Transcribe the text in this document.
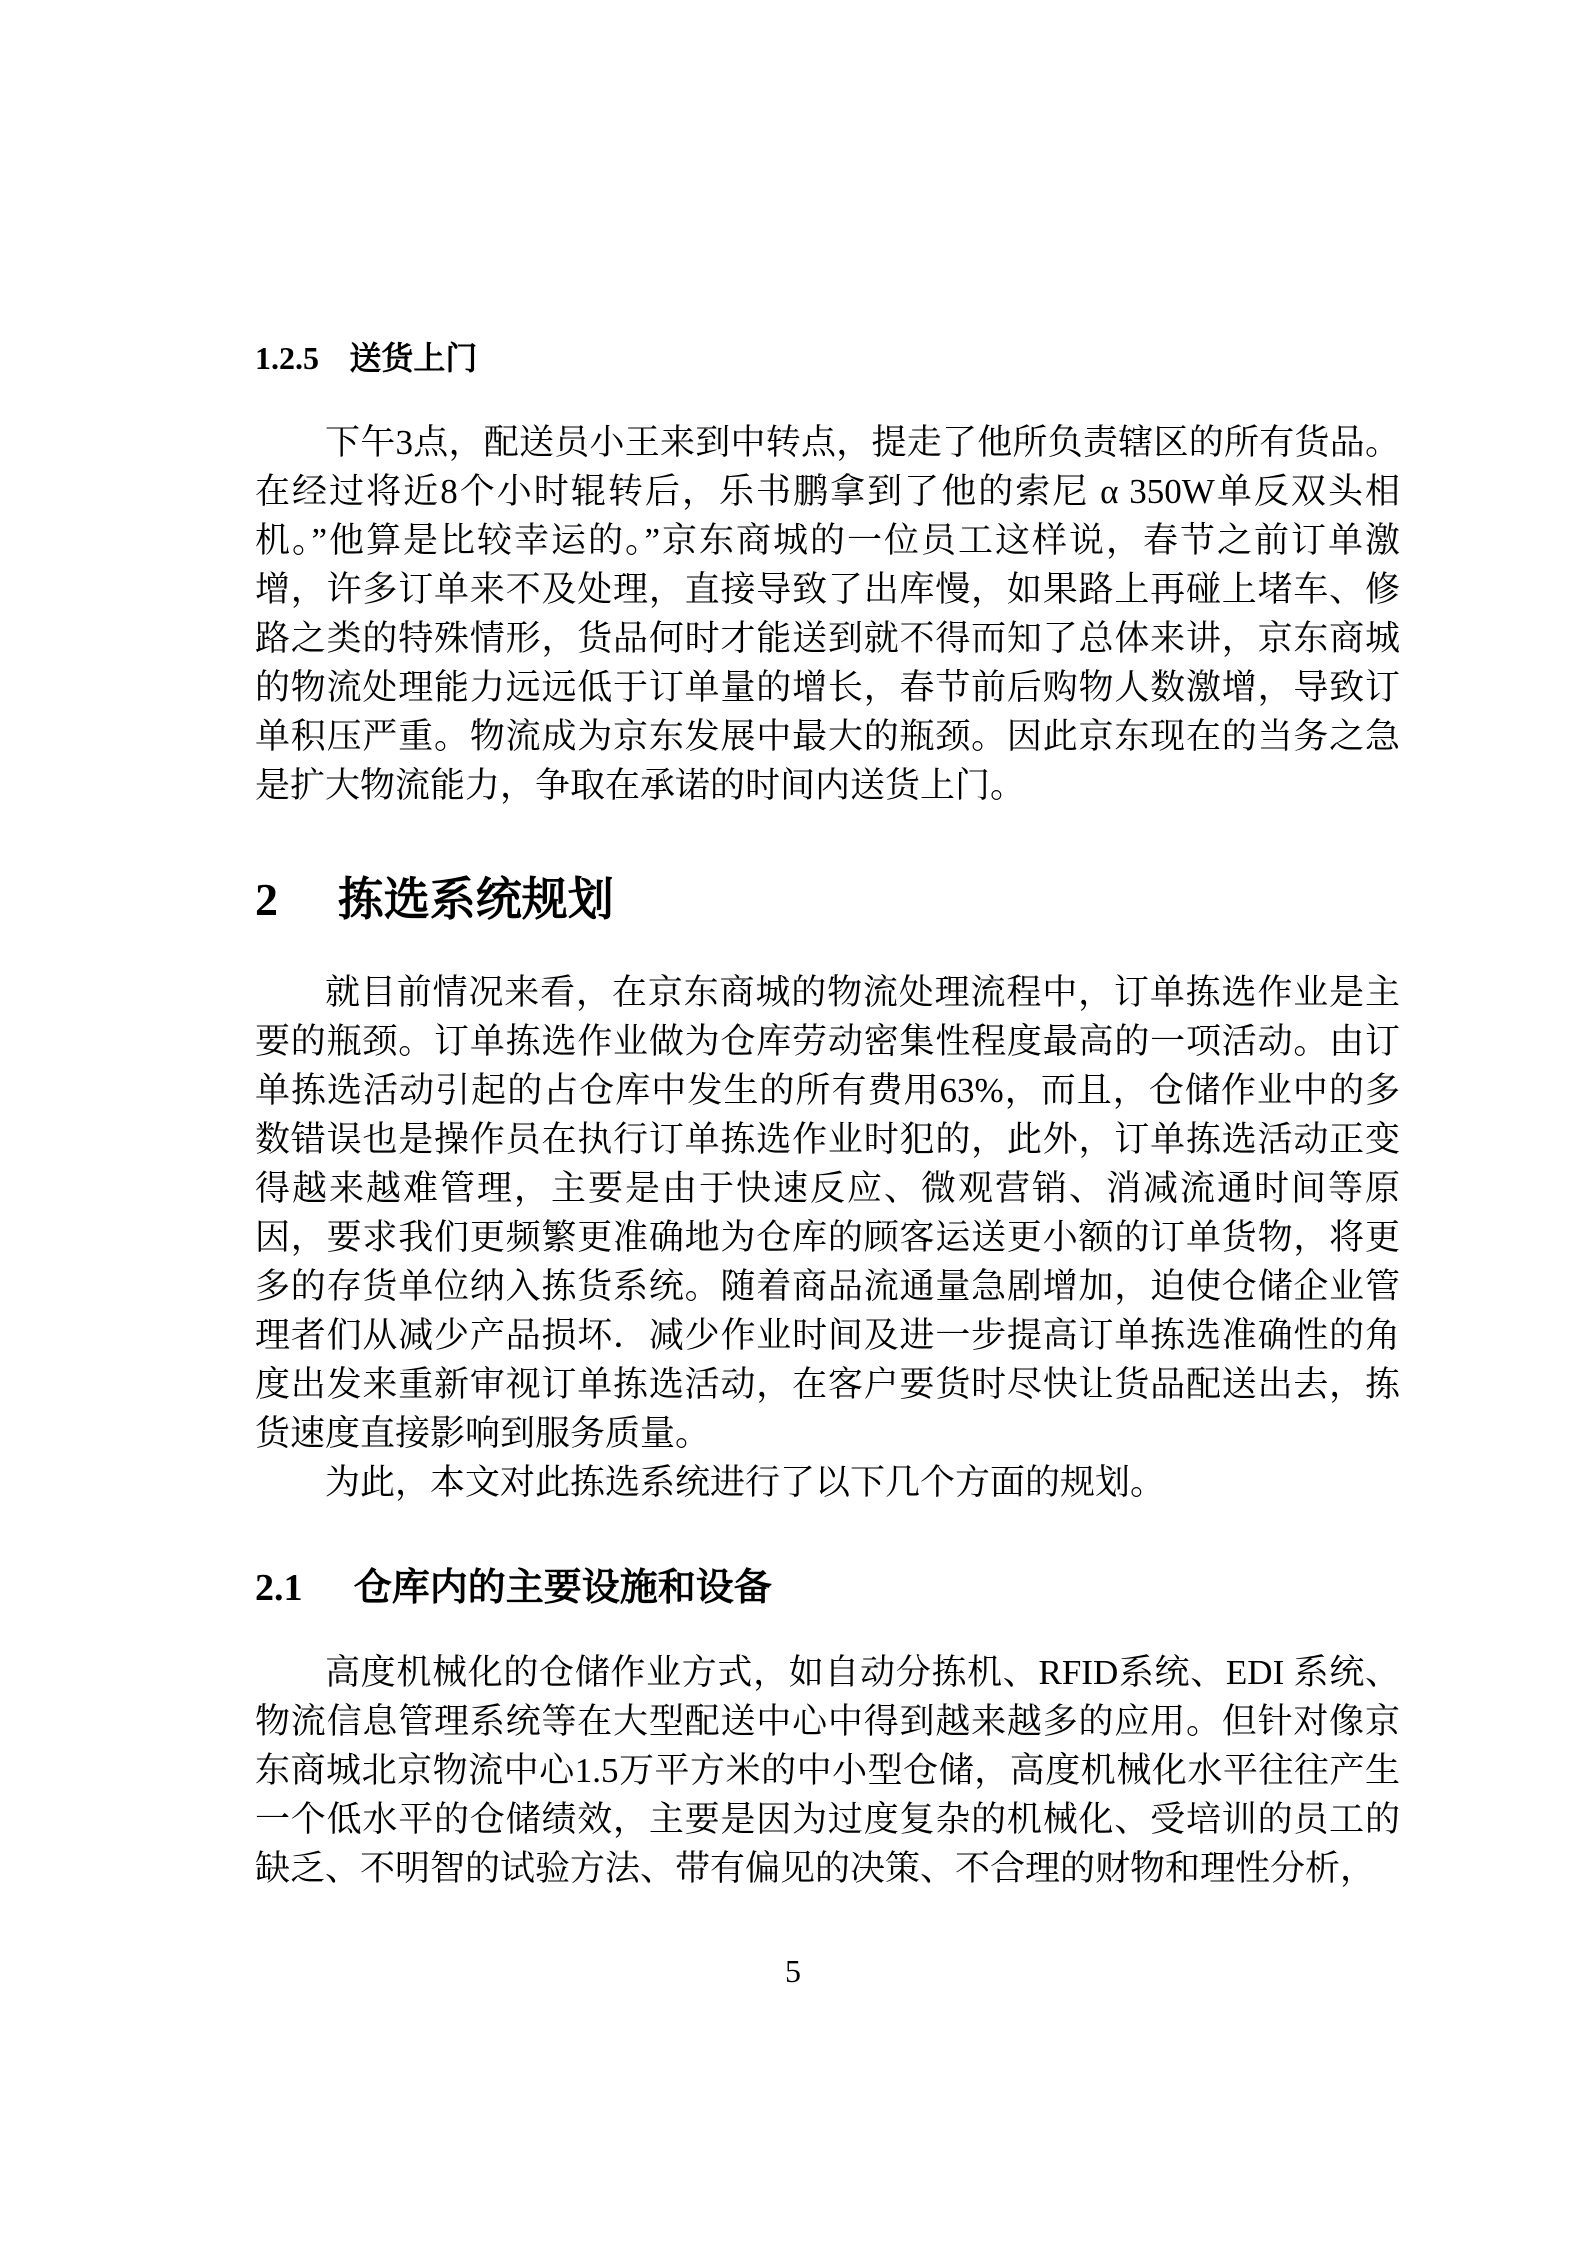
1.2.5 送货上门

下午3点，配送员小王来到中转点，提走了他所负责辖区的所有货品。在经过将近8个小时辊转后，乐书鹏拿到了他的索尼 α 350W单反双头相机。”他算是比较幸运的。”京东商城的一位员工这样说，春节之前订单激增，许多订单来不及处理，直接导致了出库慢，如果路上再碰上堵车、修路之类的特殊情形，货品何时才能送到就不得而知了总体来讲，京东商城的物流处理能力远远低于订单量的增长，春节前后购物人数激增，导致订单积压严重。物流成为京东发展中最大的瓶颈。因此京东现在的当务之急是扩大物流能力，争取在承诺的时间内送货上门。

2 拣选系统规划

就目前情况来看，在京东商城的物流处理流程中，订单拣选作业是主要的瓶颈。订单拣选作业做为仓库劳动密集性程度最高的一项活动。由订单拣选活动引起的占仓库中发生的所有费用63%，而且，仓储作业中的多数错误也是操作员在执行订单拣选作业时犯的，此外，订单拣选活动正变得越来越难管理，主要是由于快速反应、微观营销、消减流通时间等原因，要求我们更频繁更准确地为仓库的顾客运送更小额的订单货物，将更多的存货单位纳入拣货系统。随着商品流通量急剧增加，迫使仓储企业管理者们从减少产品损坏．减少作业时间及进一步提高订单拣选准确性的角度出发来重新审视订单拣选活动，在客户要货时尽快让货品配送出去，拣货速度直接影响到服务质量。

为此，本文对此拣选系统进行了以下几个方面的规划。

2.1 仓库内的主要设施和设备

高度机械化的仓储作业方式，如自动分拣机、RFID系统、EDI 系统、物流信息管理系统等在大型配送中心中得到越来越多的应用。但针对像京东商城北京物流中心1.5万平方米的中小型仓储，高度机械化水平往往产生一个低水平的仓储绩效，主要是因为过度复杂的机械化、受培训的员工的缺乏、不明智的试验方法、带有偏见的决策、不合理的财物和理性分析，

5
